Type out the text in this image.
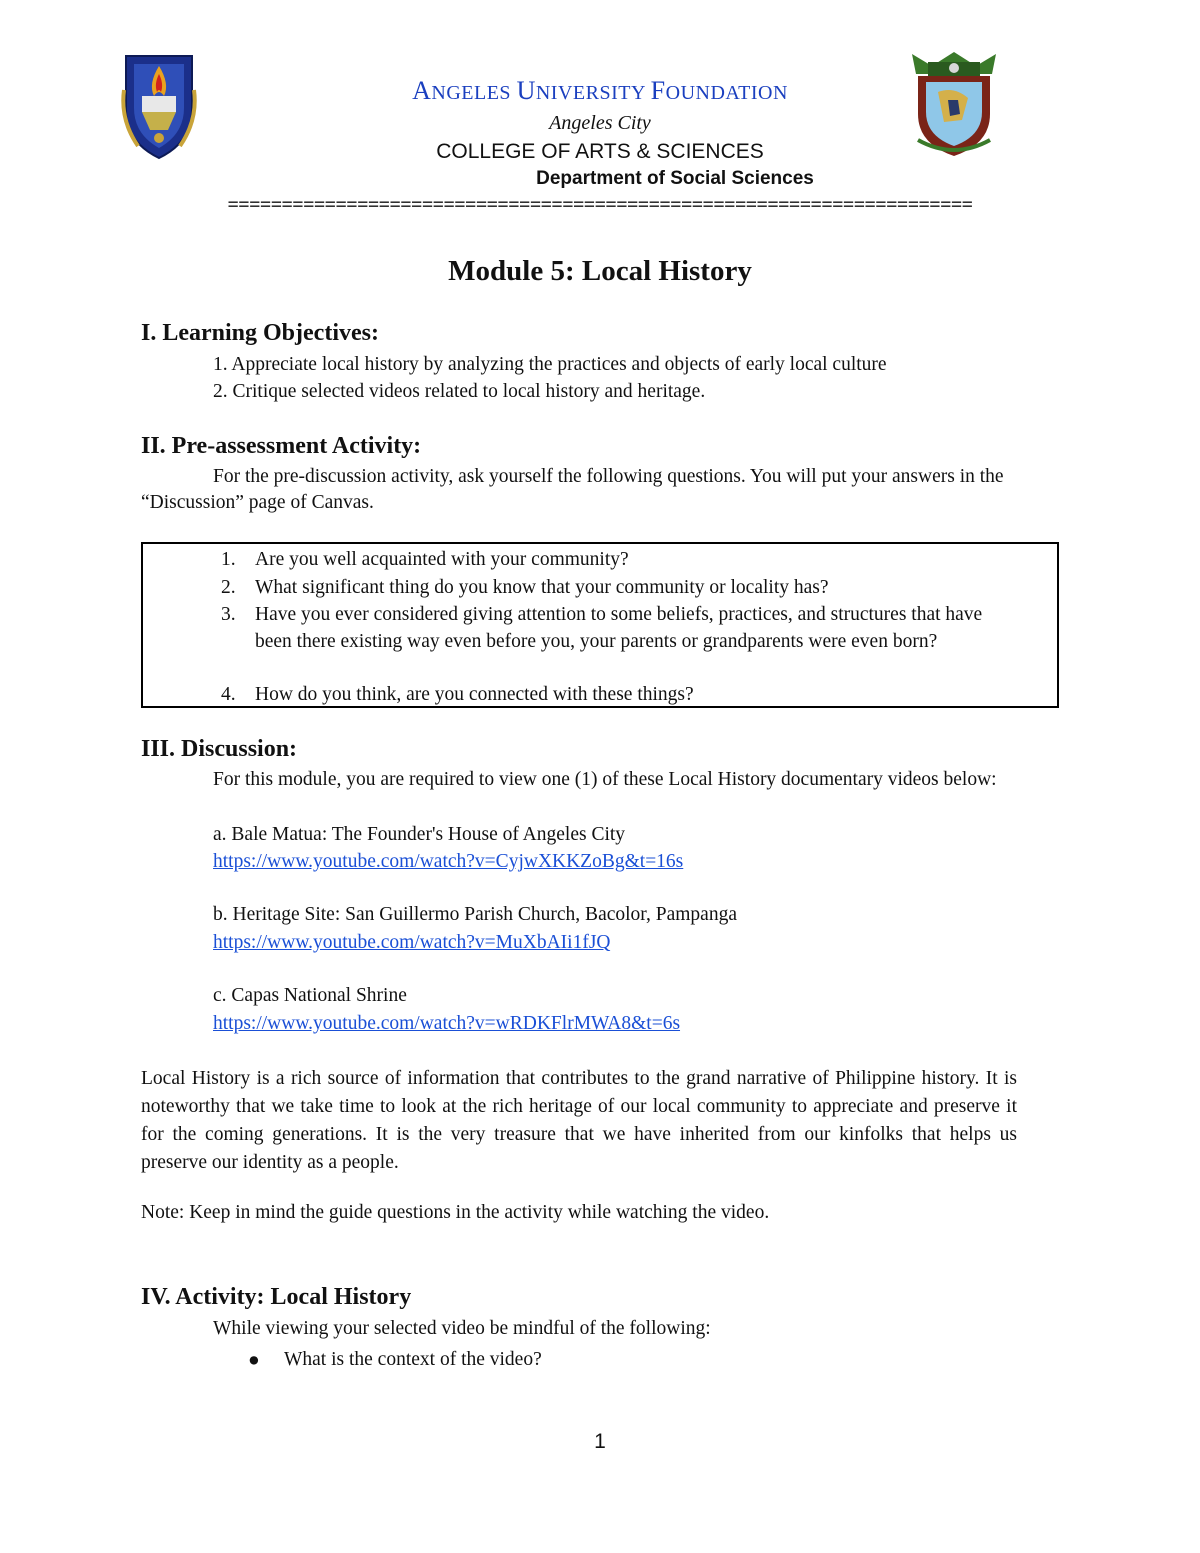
ANGELES UNIVERSITY FOUNDATION
Angeles City
COLLEGE OF ARTS & SCIENCES
Department of Social Sciences
=====================================================================
Module 5: Local History
I. Learning Objectives:
1. Appreciate local history by analyzing the practices and objects of early local culture
2. Critique selected videos related to local history and heritage.
II. Pre-assessment Activity:
For the pre-discussion activity, ask yourself the following questions. You will put your answers in the “Discussion” page of Canvas.
1. Are you well acquainted with your community?
2. What significant thing do you know that your community or locality has?
3. Have you ever considered giving attention to some beliefs, practices, and structures that have been there existing way even before you, your parents or grandparents were even born?
4. How do you think, are you connected with these things?
III. Discussion:
For this module, you are required to view one (1) of these Local History documentary videos below:
a. Bale Matua: The Founder's House of Angeles City
https://www.youtube.com/watch?v=CyjwXKKZoBg&t=16s
b. Heritage Site: San Guillermo Parish Church, Bacolor, Pampanga
https://www.youtube.com/watch?v=MuXbAIi1fJQ
c. Capas National Shrine
https://www.youtube.com/watch?v=wRDKFlrMWA8&t=6s
Local History is a rich source of information that contributes to the grand narrative of Philippine history. It is noteworthy that we take time to look at the rich heritage of our local community to appreciate and preserve it for the coming generations. It is the very treasure that we have inherited from our kinfolks that helps us preserve our identity as a people.
Note: Keep in mind the guide questions in the activity while watching the video.
IV. Activity: Local History
While viewing your selected video be mindful of the following:
● What is the context of the video?
1
